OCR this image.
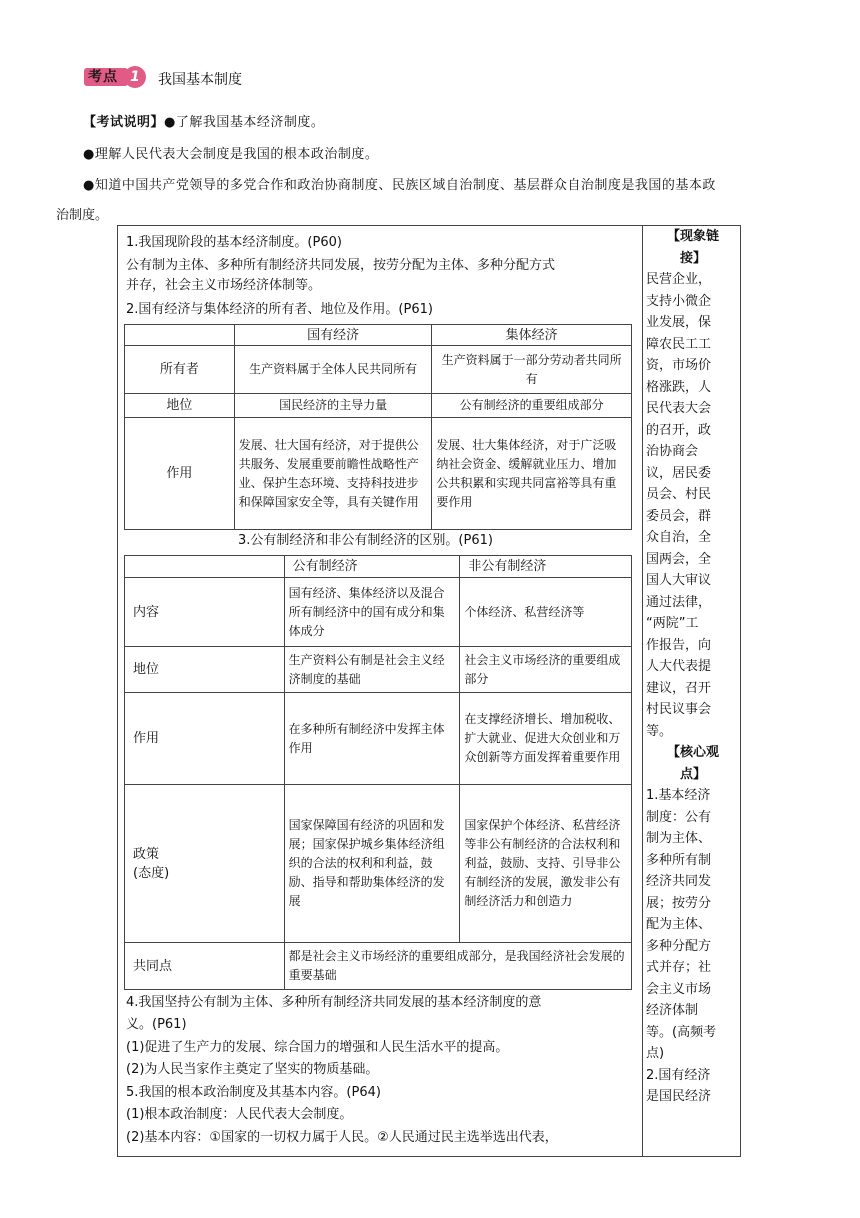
考点 1	我国基本制度
【考试说明】●了解我国基本经济制度。
●理解人民代表大会制度是我国的根本政治制度。
●知道中国共产党领导的多党合作和政治协商制度、民族区域自治制度、基层群众自治制度是我国的基本政
治制度。
1.我国现阶段的基本经济制度。(P60)
公有制为主体、多种所有制经济共同发展，按劳分配为主体、多种分配方式
并存，社会主义市场经济体制等。
2.国有经济与集体经济的所有者、地位及作用。(P61)
	国有经济	集体经济
所有者	生产资料属于全体人民共同所有	生产资料属于一部分劳动者共同所有
地位	国民经济的主导力量	公有制经济的重要组成部分
作用	发展、壮大国有经济，对于提供公共服务、发展重要前瞻性战略性产业、保护生态环境、支持科技进步和保障国家安全等，具有关键作用	发展、壮大集体经济，对于广泛吸纳社会资金、缓解就业压力、增加公共积累和实现共同富裕等具有重要作用
3.公有制经济和非公有制经济的区别。(P61)
	公有制经济	非公有制经济
内容	国有经济、集体经济以及混合所有制经济中的国有成分和集体成分	个体经济、私营经济等
地位	生产资料公有制是社会主义经济制度的基础	社会主义市场经济的重要组成部分
作用	在多种所有制经济中发挥主体作用	在支撑经济增长、增加税收、扩大就业、促进大众创业和万众创新等方面发挥着重要作用
政策
(态度)	国家保障国有经济的巩固和发展；国家保护城乡集体经济组织的合法的权利和利益，鼓励、指导和帮助集体经济的发展	国家保护个体经济、私营经济等非公有制经济的合法权利和利益，鼓励、支持、引导非公有制经济的发展，激发非公有制经济活力和创造力
共同点	都是社会主义市场经济的重要组成部分，是我国经济社会发展的重要基础	
4.我国坚持公有制为主体、多种所有制经济共同发展的基本经济制度的意
义。(P61)
(1)促进了生产力的发展、综合国力的增强和人民生活水平的提高。
(2)为人民当家作主奠定了坚实的物质基础。
5.我国的根本政治制度及其基本内容。(P64)
(1)根本政治制度：人民代表大会制度。
(2)基本内容：①国家的一切权力属于人民。②人民通过民主选举选出代表，
【现象链
接】
民营企业，
支持小微企
业发展，保
障农民工工
资，市场价
格涨跌，人
民代表大会
的召开，政
治协商会
议，居民委
员会、村民
委员会，群
众自治，全
国两会，全
国人大审议
通过法律，
“两院”工
作报告，向
人大代表提
建议，召开
村民议事会
等。
【核心观
点】
1.基本经济
制度：公有
制为主体、
多种所有制
经济共同发
展；按劳分
配为主体、
多种分配方
式并存；社
会主义市场
经济体制
等。(高频考
点)
2.国有经济
是国民经济
